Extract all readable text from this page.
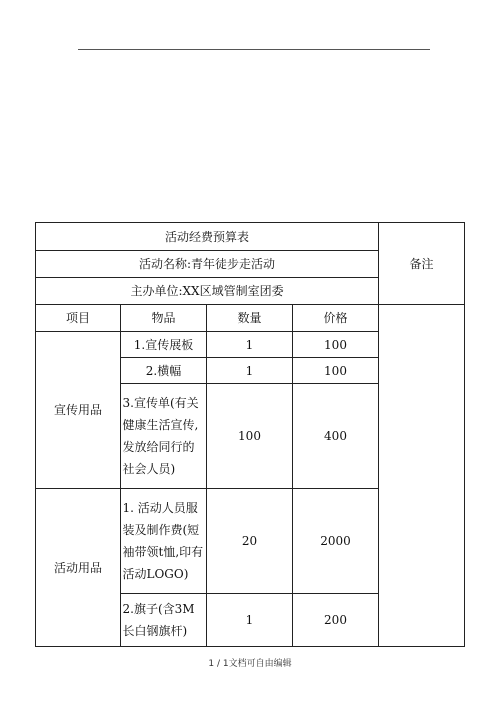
活动经费预算表				备注
活动名称:青年徒步走活动				
主办单位:XX区域管制室团委				
项目	物品	数量	价格	
宣传用品	1.宣传展板	1	100	
	2.横幅	1	100	

	3.宣传单(有关健康生活宣传,发放给同行的社会人员)	100	400	
活动用品	1. 活动人员服装及制作费(短袖带领t恤,印有活动LOGO)	20	2000	

	2.旗子(含3M长白钢旗杆)	1	200	
1 / 1文档可自由编辑
